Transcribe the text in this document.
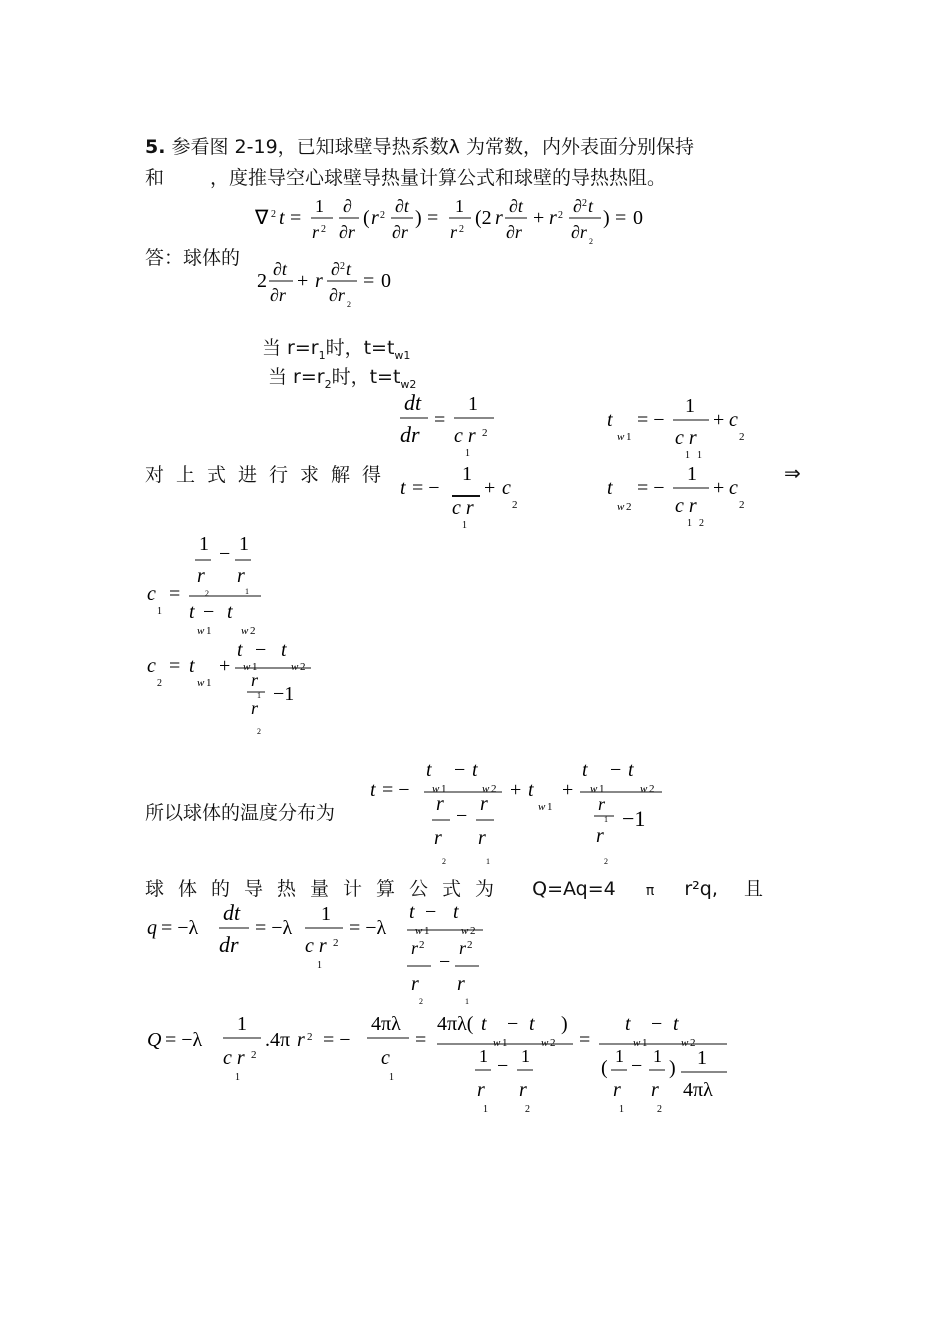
5. 参看图 2-19，已知球壁导热系数λ 为常数，内外表面分别保持
和 ，度推导空心球壁导热量计算公式和球壁的导热热阻。
∇ 2 t =
1
r 2
∂
∂r
( r 2 ∂t
∂r
) =
1
r 2
(2 r
∂t
∂r
+ r 2 ∂ 2 t
∂r 2
) = 0
答：球体的
2
∂t
∂r
+ r
∂ 2 t
∂r 2
= 0
当 $r=r_1$时，$t=t_{w1}$
当 $r=r_2$时，$t=t_{w2}$
dt
dr
=
1
c r 2
1
t
w 1
= −
1
c r
1 1
+ c
2
对上式进行求解得
t = −
1
c r
1
+ c
2
t
w 2
= −
1
c r
1 2
+ c
2
⇒
c
1
=
1
r
2
− 1
r
1
t − t
w 1	w 2
c
2
= t
w 1
+
t − t
w 1	w 2
r
1
r
2
−1
所以球体的温度分布为
t = −
t − t
w 1	w 2
r r
−
r r
2	1
+ t
w 1
+
t − t
w 1	w 2
r
1
r
2
−1
球体的导热量计算公式为 Q=Aq=4 π r²q, 且
q = −λ
dt
dr
= −λ
1
c r 2
1
= −λ
t − t
w 1	w 2
r 2 r 2
−
r r
2	1
Q = −λ
1
c r 2
1
.4π r 2 = −
4πλ
c
1
=
4πλ( t − t )
w 1	w 2
1 − 1
r r
1	2
=
t − t
w 1	w 2
(
1 − 1
)
r r
1	2
1
4πλ
